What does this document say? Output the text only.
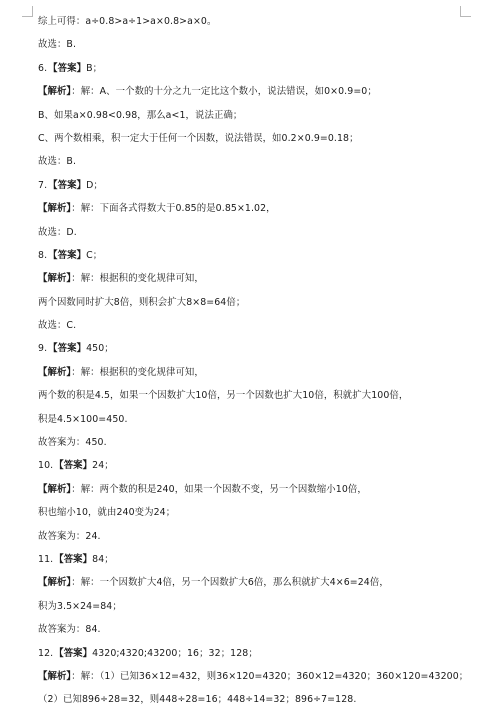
综上可得：a÷0.8>a÷1>a×0.8>a×0。
故选：B.
6.【答案】B；
【解析】：解：A、一个数的十分之九一定比这个数小，说法错误，如0×0.9=0；
B、如果a×0.98<0.98，那么a<1，说法正确；
C、两个数相乘，积一定大于任何一个因数，说法错误，如0.2×0.9=0.18；
故选：B.
7.【答案】D；
【解析】：解：下面各式得数大于0.85的是0.85×1.02，
故选：D.
8.【答案】C；
【解析】：解：根据积的变化规律可知，
两个因数同时扩大8倍，则积会扩大8×8=64倍；
故选：C.
9.【答案】450；
【解析】：解：根据积的变化规律可知，
两个数的积是4.5，如果一个因数扩大10倍，另一个因数也扩大10倍，积就扩大100倍，
积是4.5×100=450.
故答案为：450.
10.【答案】24；
【解析】：解：两个数的积是240，如果一个因数不变，另一个因数缩小10倍，
积也缩小10，就由240变为24；
故答案为：24.
11.【答案】84；
【解析】：解：一个因数扩大4倍，另一个因数扩大6倍，那么积就扩大4×6=24倍，
积为3.5×24=84；
故答案为：84.
12.【答案】4320;4320;43200；16；32；128；
【解析】：解：（1）已知36×12=432，则36×120=4320；360×12=4320；360×120=43200；
（2）已知896÷28=32，则448÷28=16；448÷14=32；896÷7=128.
